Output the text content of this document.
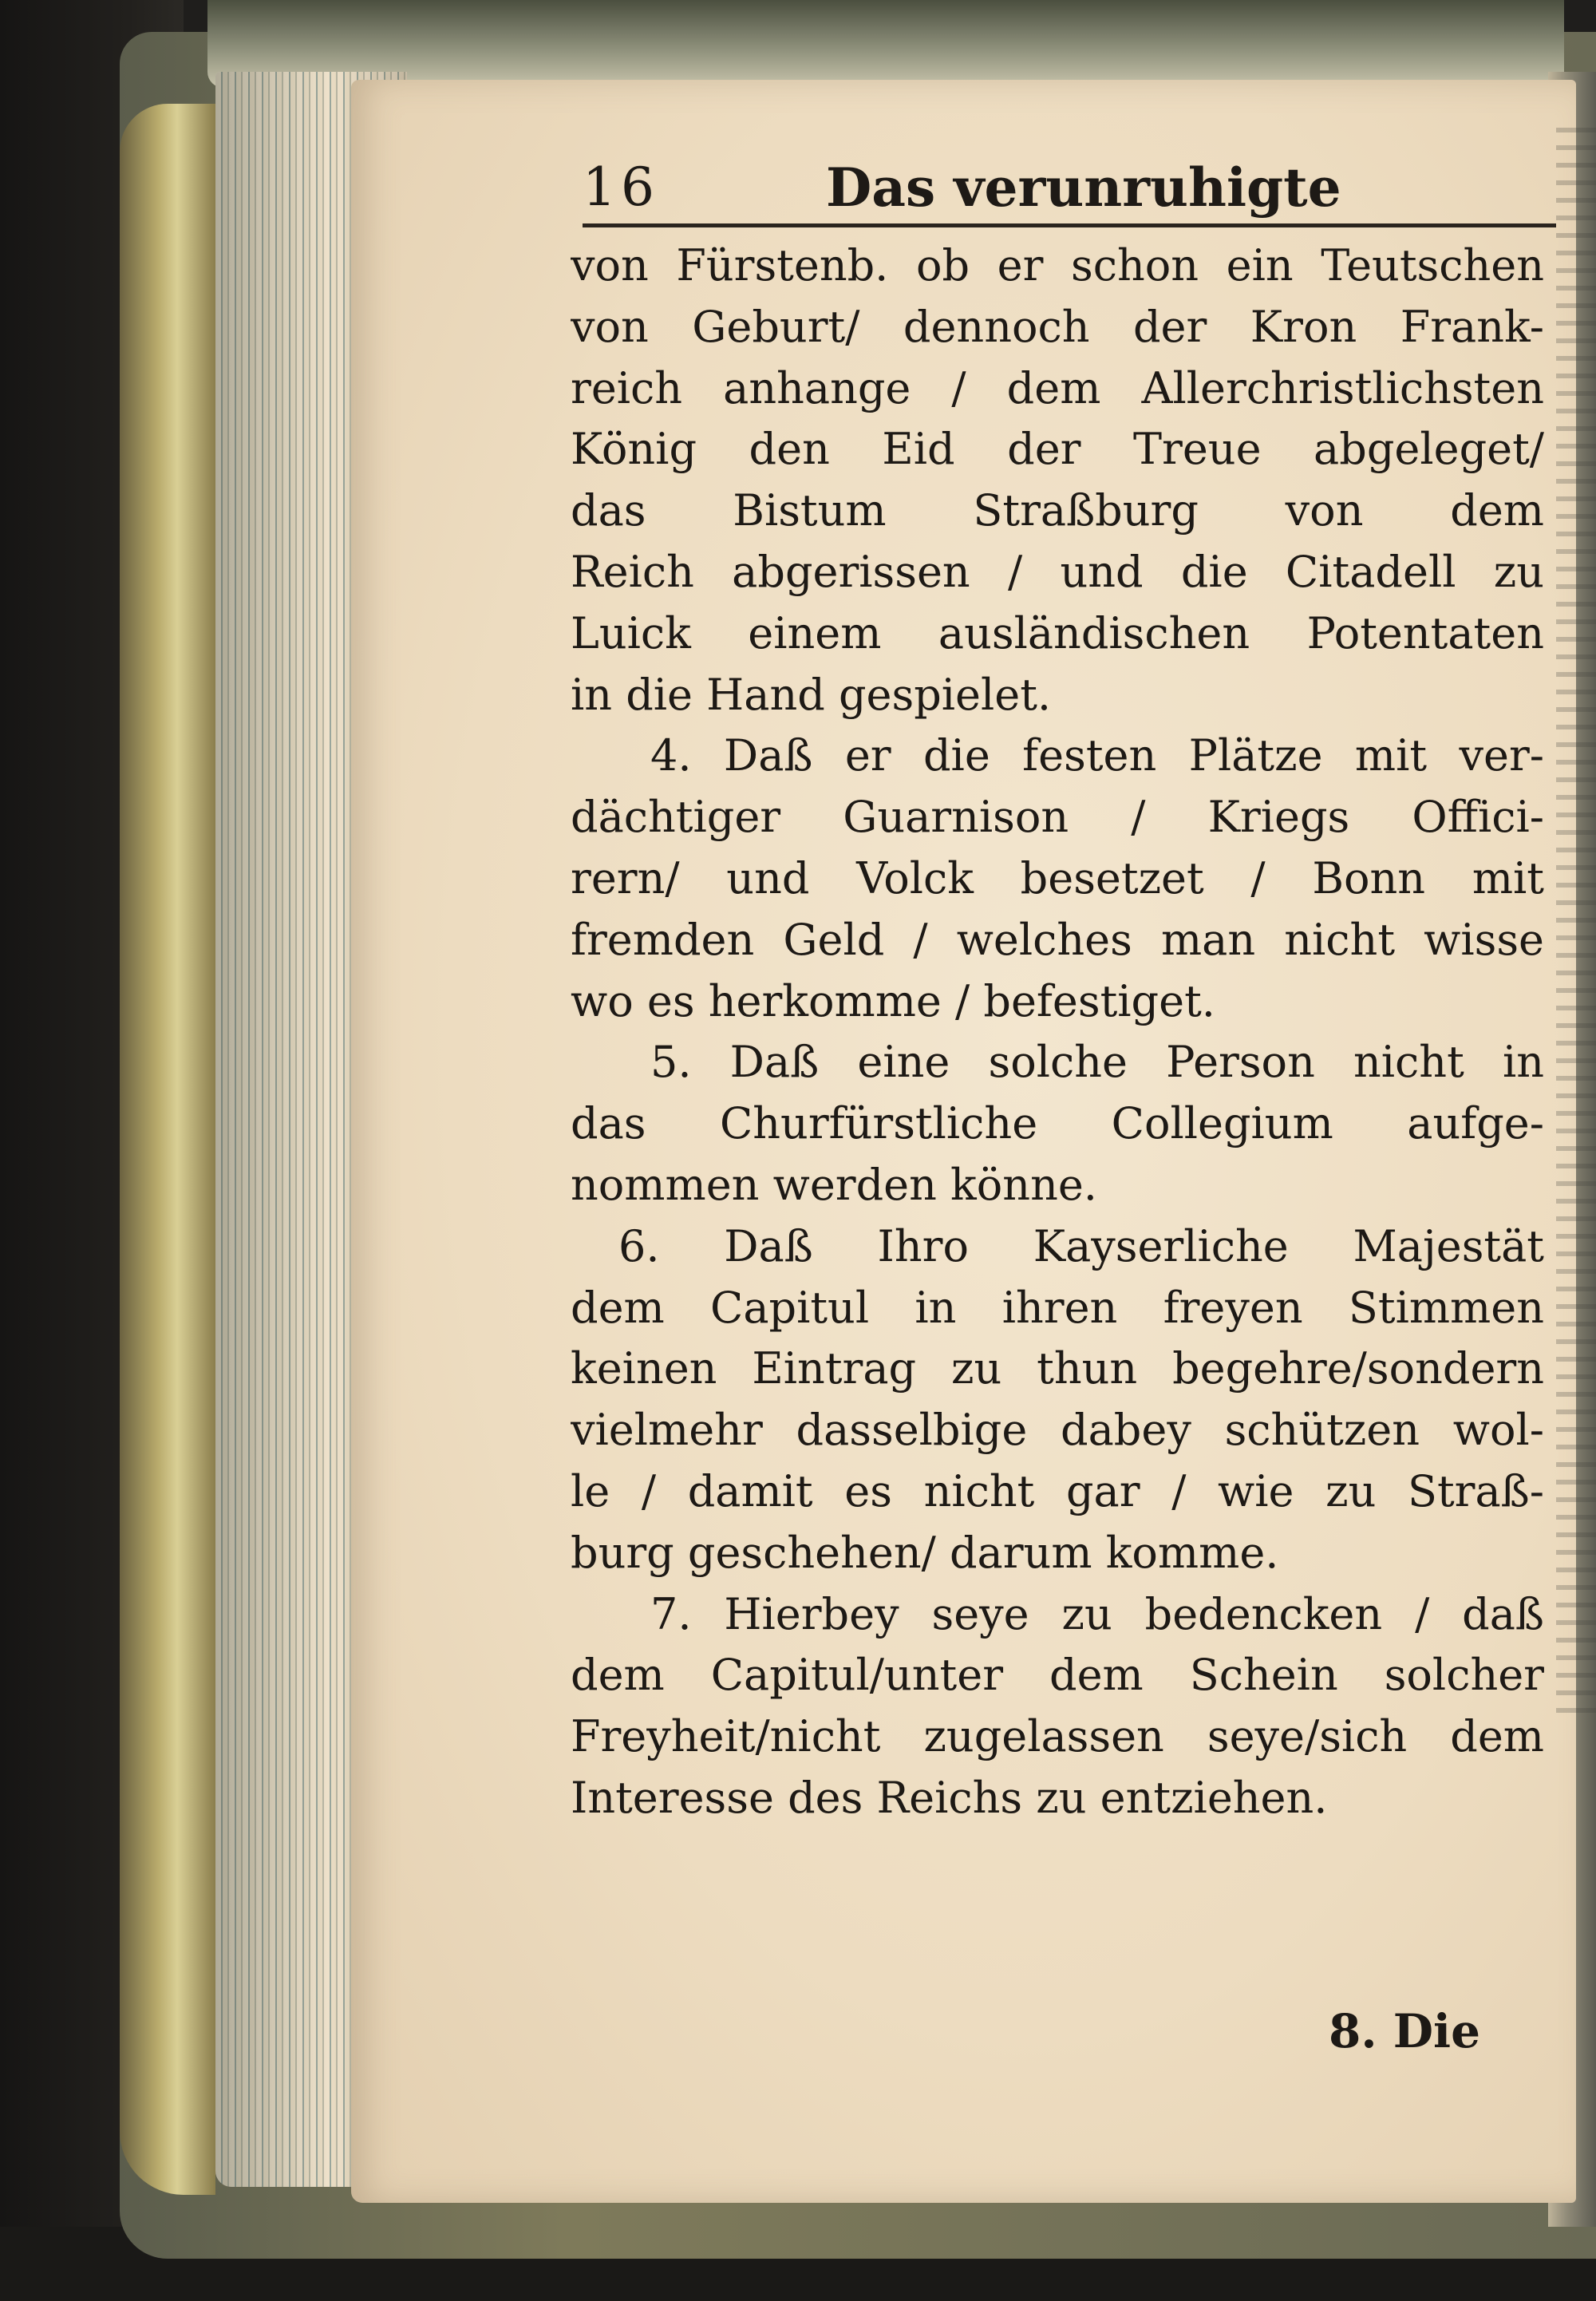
16	Das verunruhigte
von Fürstenb. ob er schon ein Teutschen
von Geburt/ dennoch der Kron Frank-
reich anhange / dem Allerchristlichsten
König den Eid der Treue abgeleget/
das Bistum Straßburg von dem
Reich abgerissen / und die Citadell zu
Luick einem ausländischen Potentaten
in die Hand gespielet.
4. Daß er die festen Plätze mit ver-
dächtiger Guarnison / Kriegs Offici-
rern/ und Volck besetzet / Bonn mit
fremden Geld / welches man nicht wisse
wo es herkomme / befestiget.
5. Daß eine solche Person nicht in
das Churfürstliche Collegium aufge-
nommen werden könne.
6. Daß Ihro Kayserliche Majestät
dem Capitul in ihren freyen Stimmen
keinen Eintrag zu thun begehre/sondern
vielmehr dasselbige dabey schützen wol-
le / damit es nicht gar / wie zu Straß-
burg geschehen/ darum komme.
7. Hierbey seye zu bedencken / daß
dem Capitul/unter dem Schein solcher
Freyheit/nicht zugelassen seye/sich dem
Interesse des Reichs zu entziehen.
8. Die
